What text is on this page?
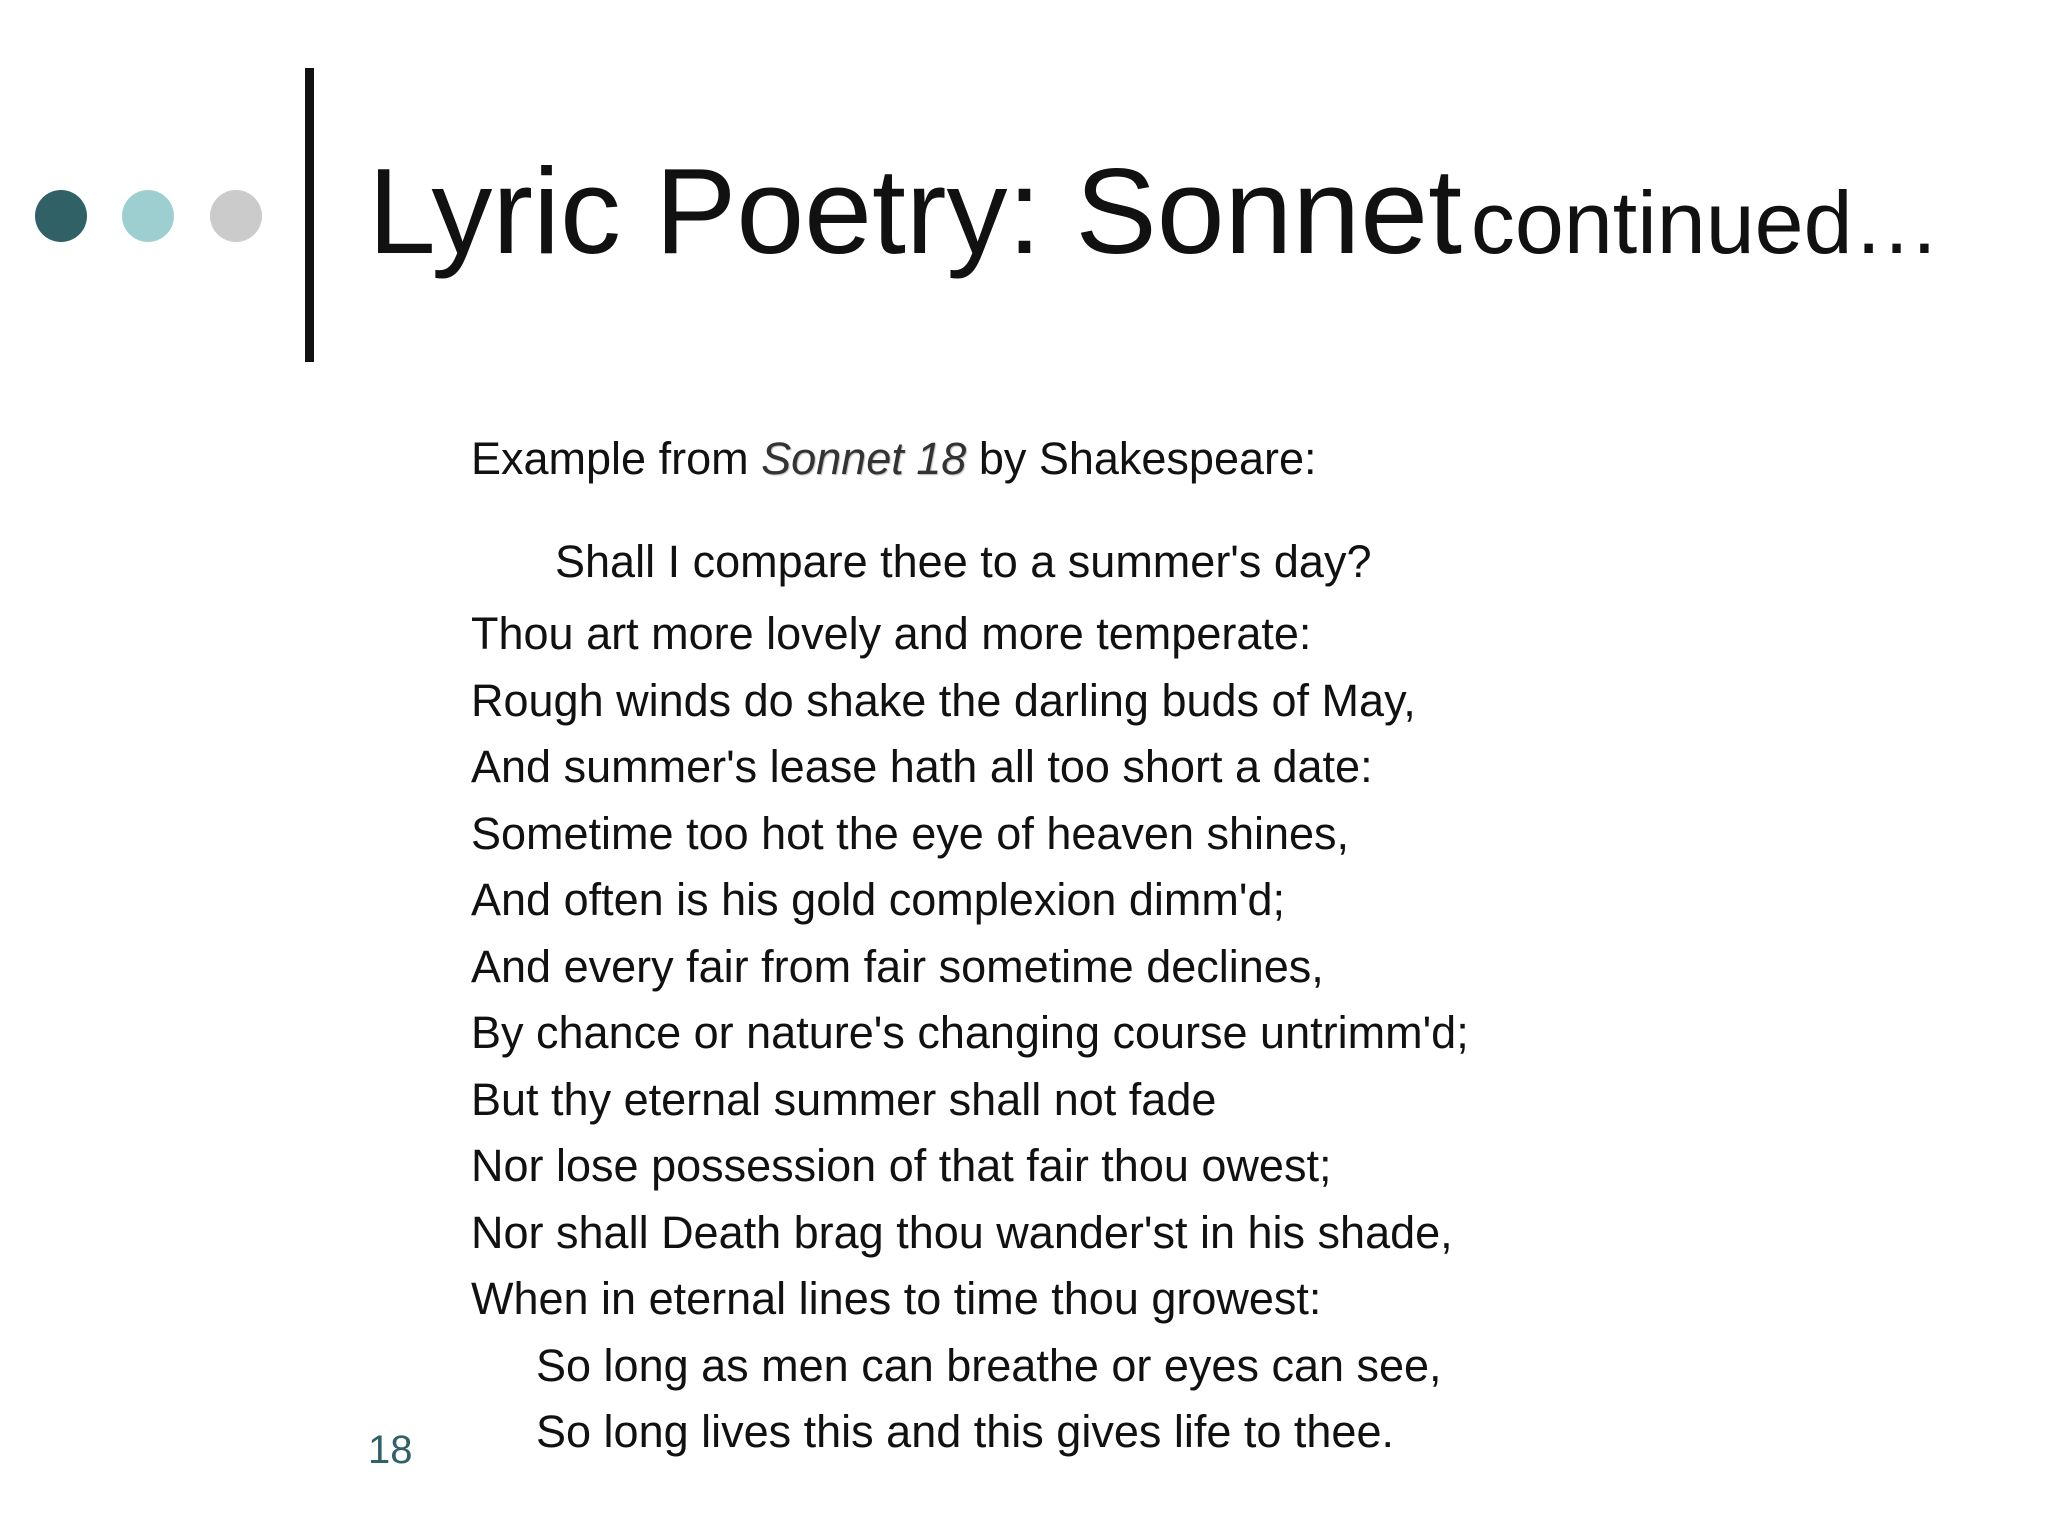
Lyric Poetry: Sonnet continued…
Example from Sonnet 18 by Shakespeare:
Shall I compare thee to a summer's day?
Thou art more lovely and more temperate:
Rough winds do shake the darling buds of May,
And summer's lease hath all too short a date:
Sometime too hot the eye of heaven shines,
And often is his gold complexion dimm'd;
And every fair from fair sometime declines,
By chance or nature's changing course untrimm'd;
But thy eternal summer shall not fade
Nor lose possession of that fair thou owest;
Nor shall Death brag thou wander'st in his shade,
When in eternal lines to time thou growest:
So long as men can breathe or eyes can see,
So long lives this and this gives life to thee.
18
